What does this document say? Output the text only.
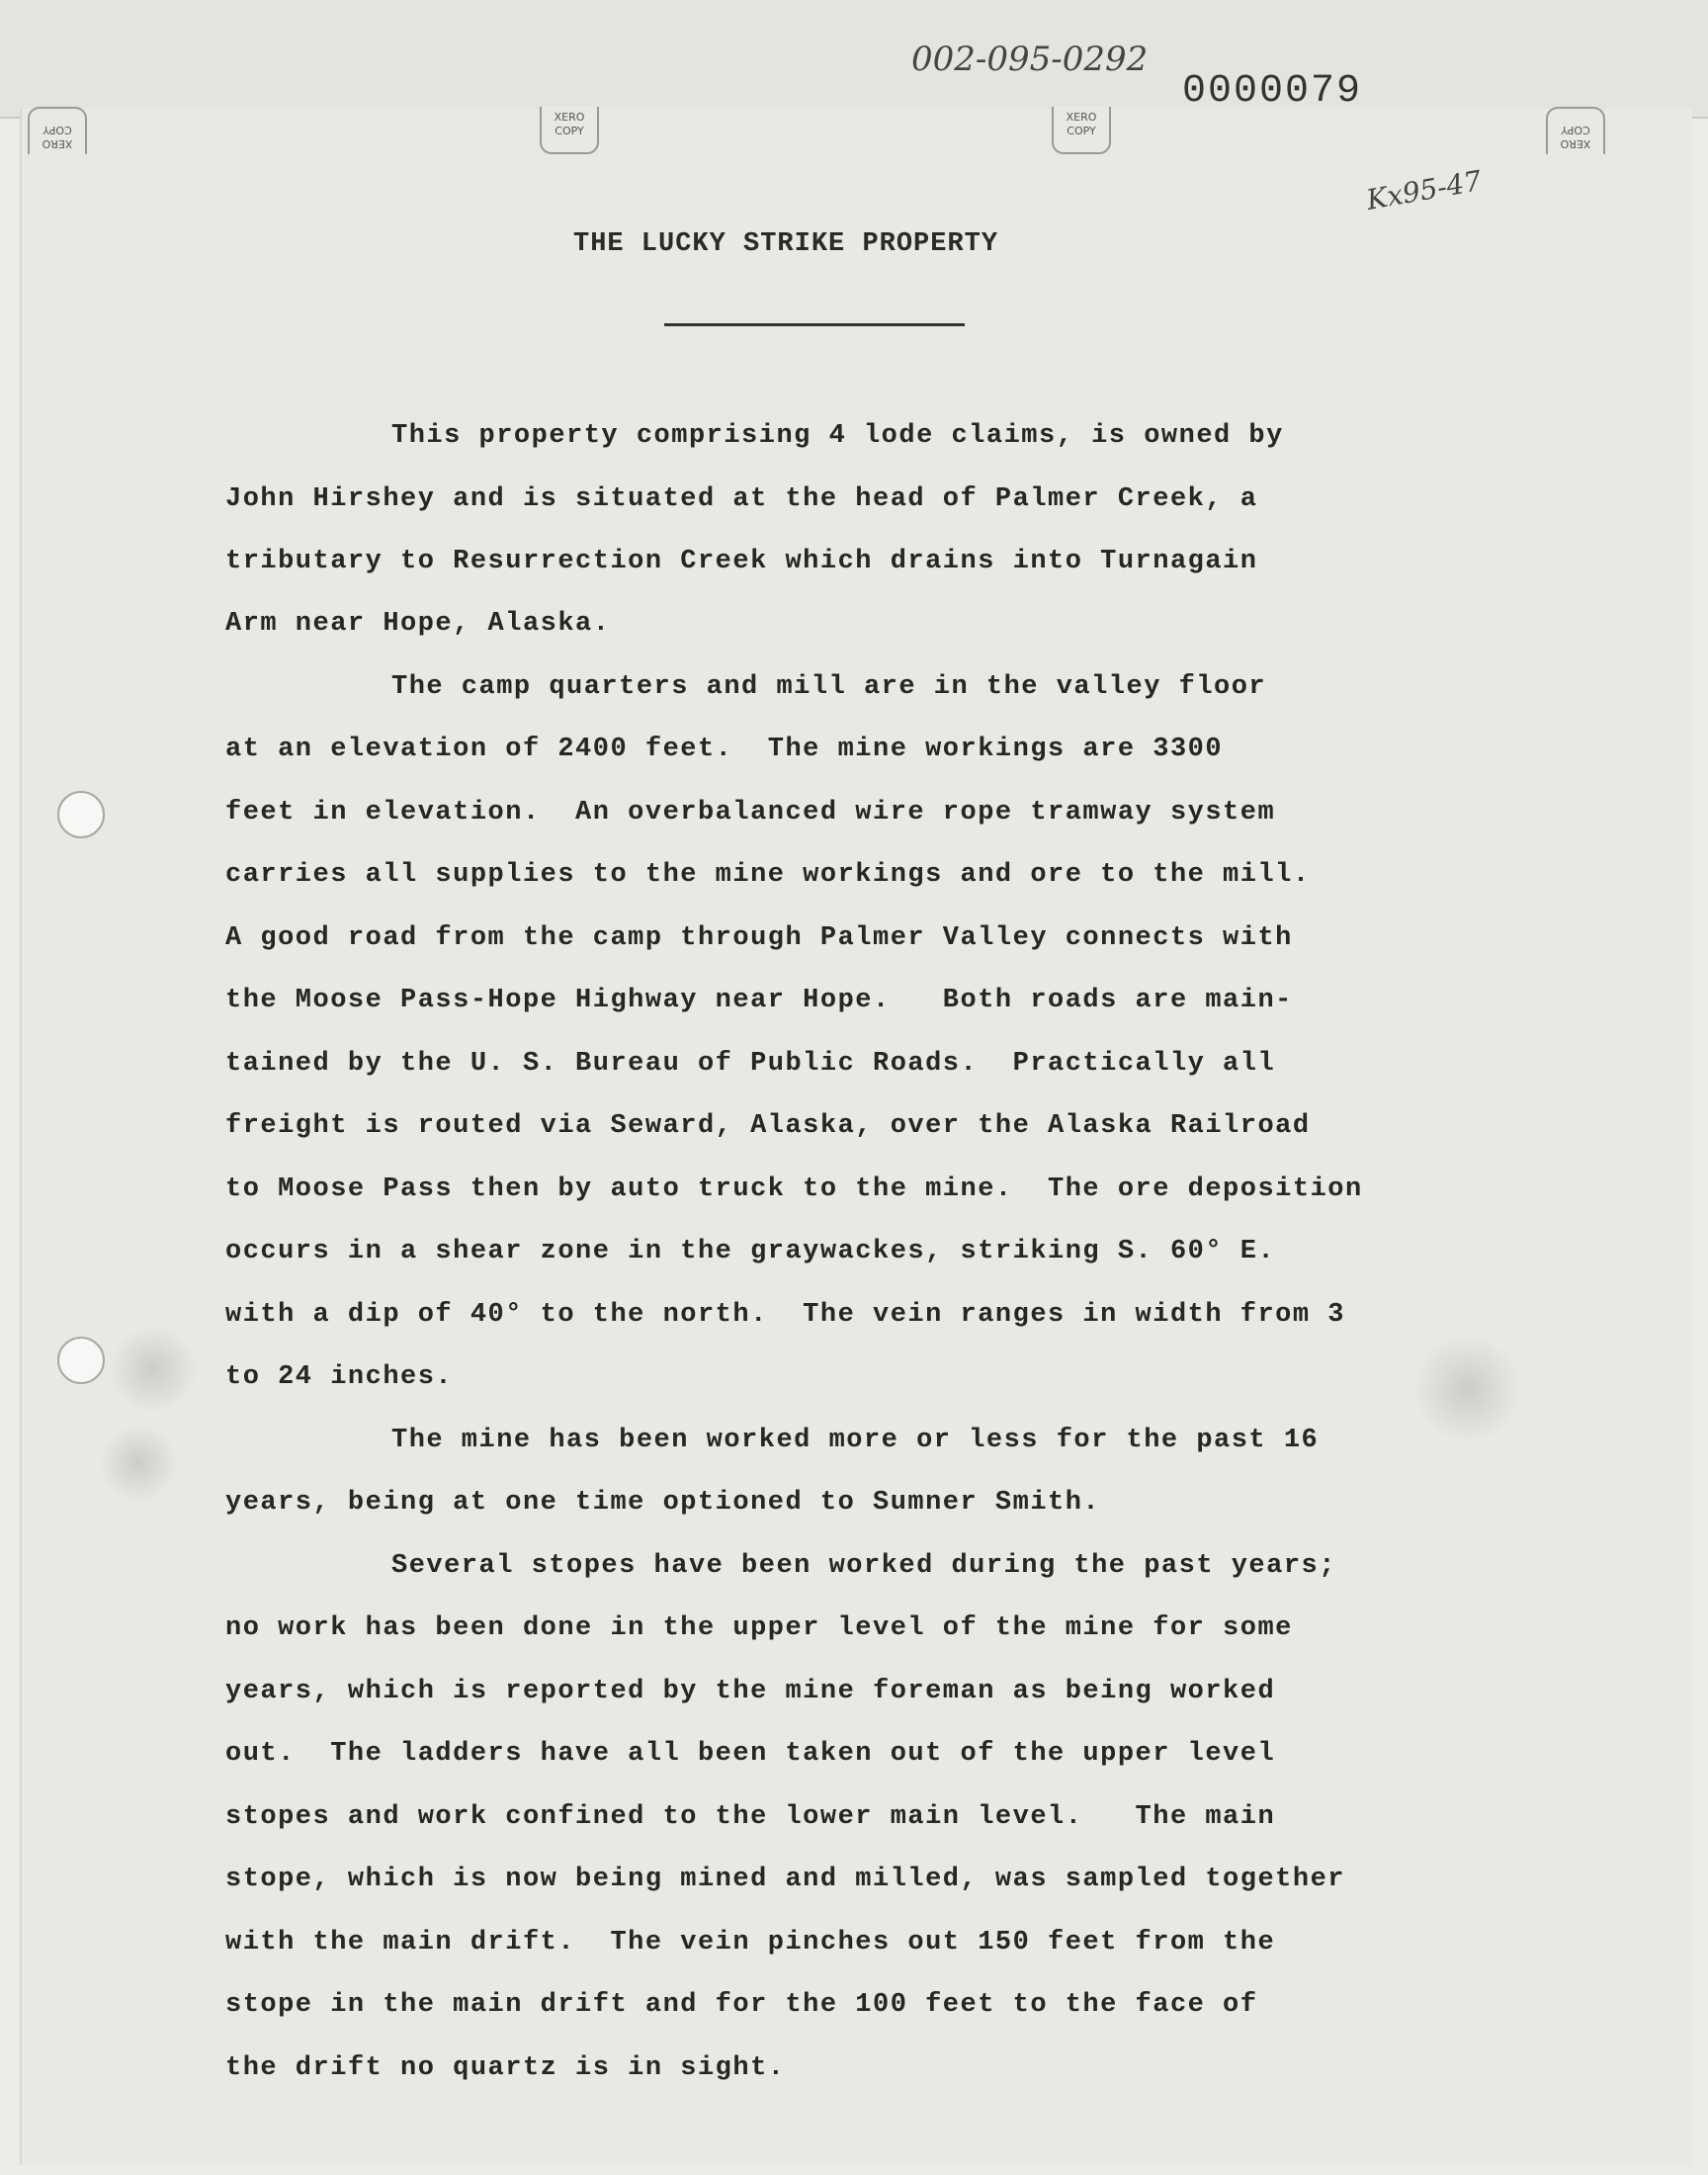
XERO COPY
XERO COPY
XERO COPY
XERO COPY
002-095-0292
0000079
Kx95-47
THE LUCKY STRIKE PROPERTY
This property comprising 4 lode claims, is owned by
John Hirshey and is situated at the head of Palmer Creek, a
tributary to Resurrection Creek which drains into Turnagain
Arm near Hope, Alaska.
The camp quarters and mill are in the valley floor
at an elevation of 2400 feet.  The mine workings are 3300
feet in elevation.  An overbalanced wire rope tramway system
carries all supplies to the mine workings and ore to the mill.
A good road from the camp through Palmer Valley connects with
the Moose Pass-Hope Highway near Hope.   Both roads are main-
tained by the U. S. Bureau of Public Roads.  Practically all
freight is routed via Seward, Alaska, over the Alaska Railroad
to Moose Pass then by auto truck to the mine.  The ore deposition
occurs in a shear zone in the graywackes, striking S. 60° E.
with a dip of 40° to the north.  The vein ranges in width from 3
to 24 inches.
The mine has been worked more or less for the past 16
years, being at one time optioned to Sumner Smith.
Several stopes have been worked during the past years;
no work has been done in the upper level of the mine for some
years, which is reported by the mine foreman as being worked
out.  The ladders have all been taken out of the upper level
stopes and work confined to the lower main level.   The main
stope, which is now being mined and milled, was sampled together
with the main drift.  The vein pinches out 150 feet from the
stope in the main drift and for the 100 feet to the face of
the drift no quartz is in sight.
